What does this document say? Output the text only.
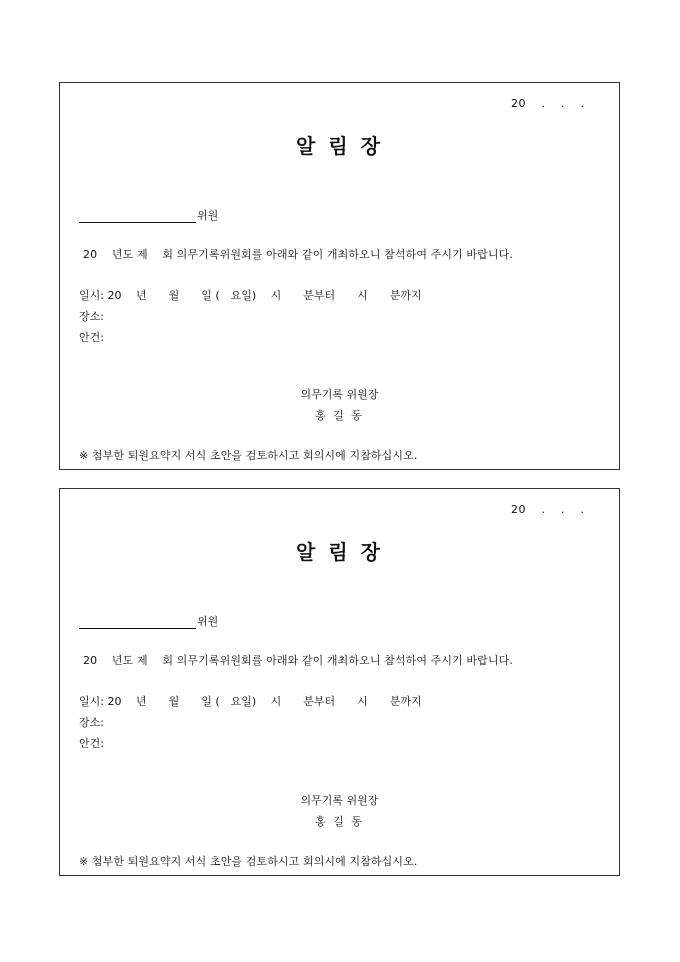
20 　.　 .　 .
알 림 장
위원
20　 년도 제　 회 의무기록위원회를 아래와 같이 개최하오니 참석하여 주시기 바랍니다.
일시: 20　 년　　월　　일 (　요일)　 시　　분부터　　시　　분까지
장소:
안건:
의무기록 위원장
홍 길 동
※ 첨부한 퇴원요약지 서식 초안을 검토하시고 회의시에 지참하십시오.
20 　.　 .　 .
알 림 장
위원
20　 년도 제　 회 의무기록위원회를 아래와 같이 개최하오니 참석하여 주시기 바랍니다.
일시: 20　 년　　월　　일 (　요일)　 시　　분부터　　시　　분까지
장소:
안건:
의무기록 위원장
홍 길 동
※ 첨부한 퇴원요약지 서식 초안을 검토하시고 회의시에 지참하십시오.
